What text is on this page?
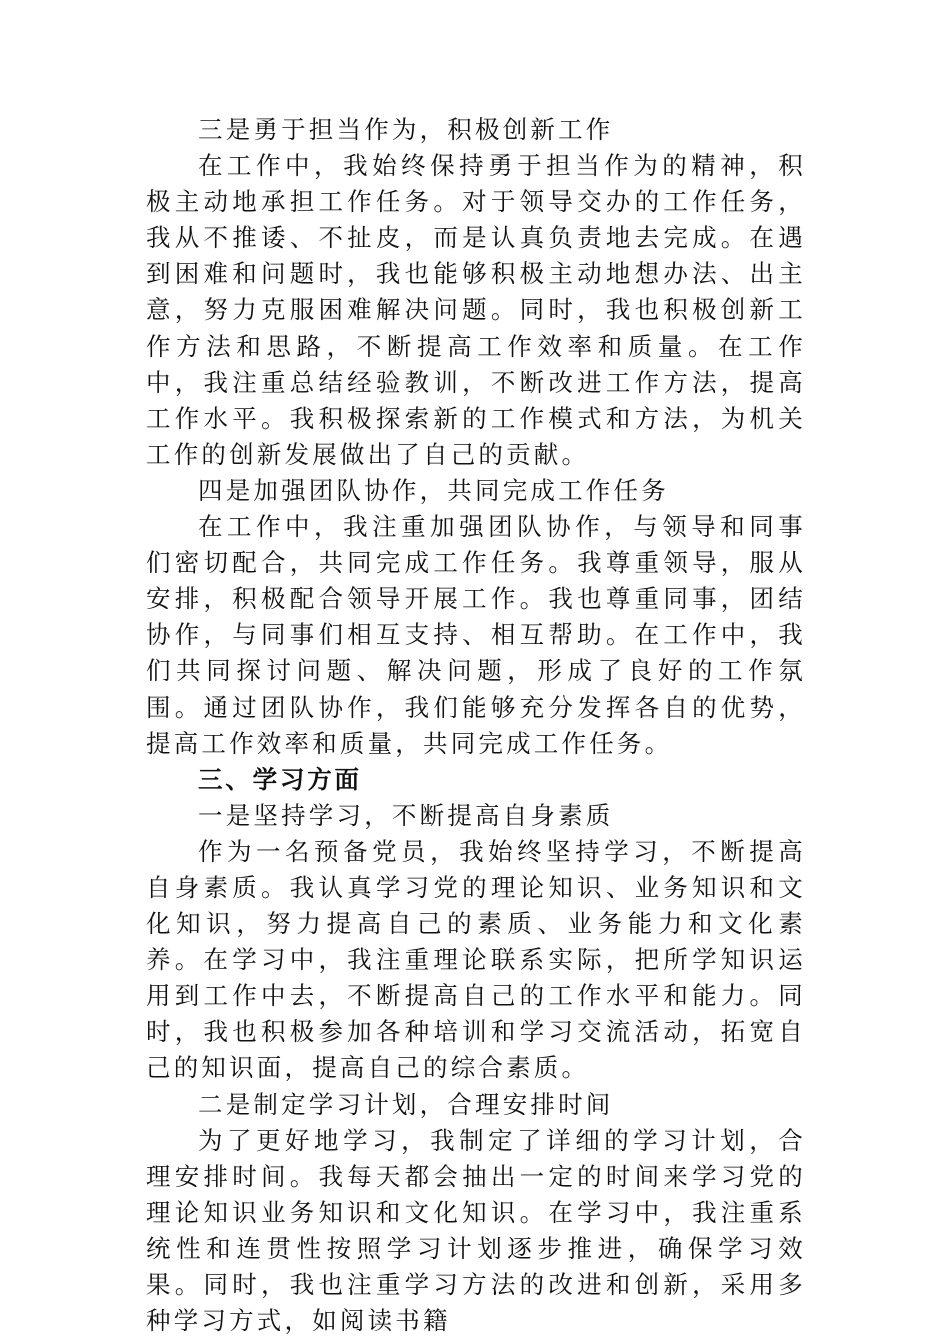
三是勇于担当作为，积极创新工作

在工作中，我始终保持勇于担当作为的精神，积极主动地承担工作任务。对于领导交办的工作任务，我从不推诿、不扯皮，而是认真负责地去完成。在遇到困难和问题时，我也能够积极主动地想办法、出主意，努力克服困难解决问题。同时，我也积极创新工作方法和思路，不断提高工作效率和质量。在工作中，我注重总结经验教训，不断改进工作方法，提高工作水平。我积极探索新的工作模式和方法，为机关工作的创新发展做出了自己的贡献。

四是加强团队协作，共同完成工作任务

在工作中，我注重加强团队协作，与领导和同事们密切配合，共同完成工作任务。我尊重领导，服从安排，积极配合领导开展工作。我也尊重同事，团结协作，与同事们相互支持、相互帮助。在工作中，我们共同探讨问题、解决问题，形成了良好的工作氛围。通过团队协作，我们能够充分发挥各自的优势，提高工作效率和质量，共同完成工作任务。

三、学习方面

一是坚持学习，不断提高自身素质

作为一名预备党员，我始终坚持学习，不断提高自身素质。我认真学习党的理论知识、业务知识和文化知识，努力提高自己的素质、业务能力和文化素养。在学习中，我注重理论联系实际，把所学知识运用到工作中去，不断提高自己的工作水平和能力。同时，我也积极参加各种培训和学习交流活动，拓宽自己的知识面，提高自己的综合素质。

二是制定学习计划，合理安排时间

为了更好地学习，我制定了详细的学习计划，合理安排时间。我每天都会抽出一定的时间来学习党的理论知识业务知识和文化知识。在学习中，我注重系统性和连贯性按照学习计划逐步推进，确保学习效果。同时，我也注重学习方法的改进和创新，采用多种学习方式，如阅读书籍
